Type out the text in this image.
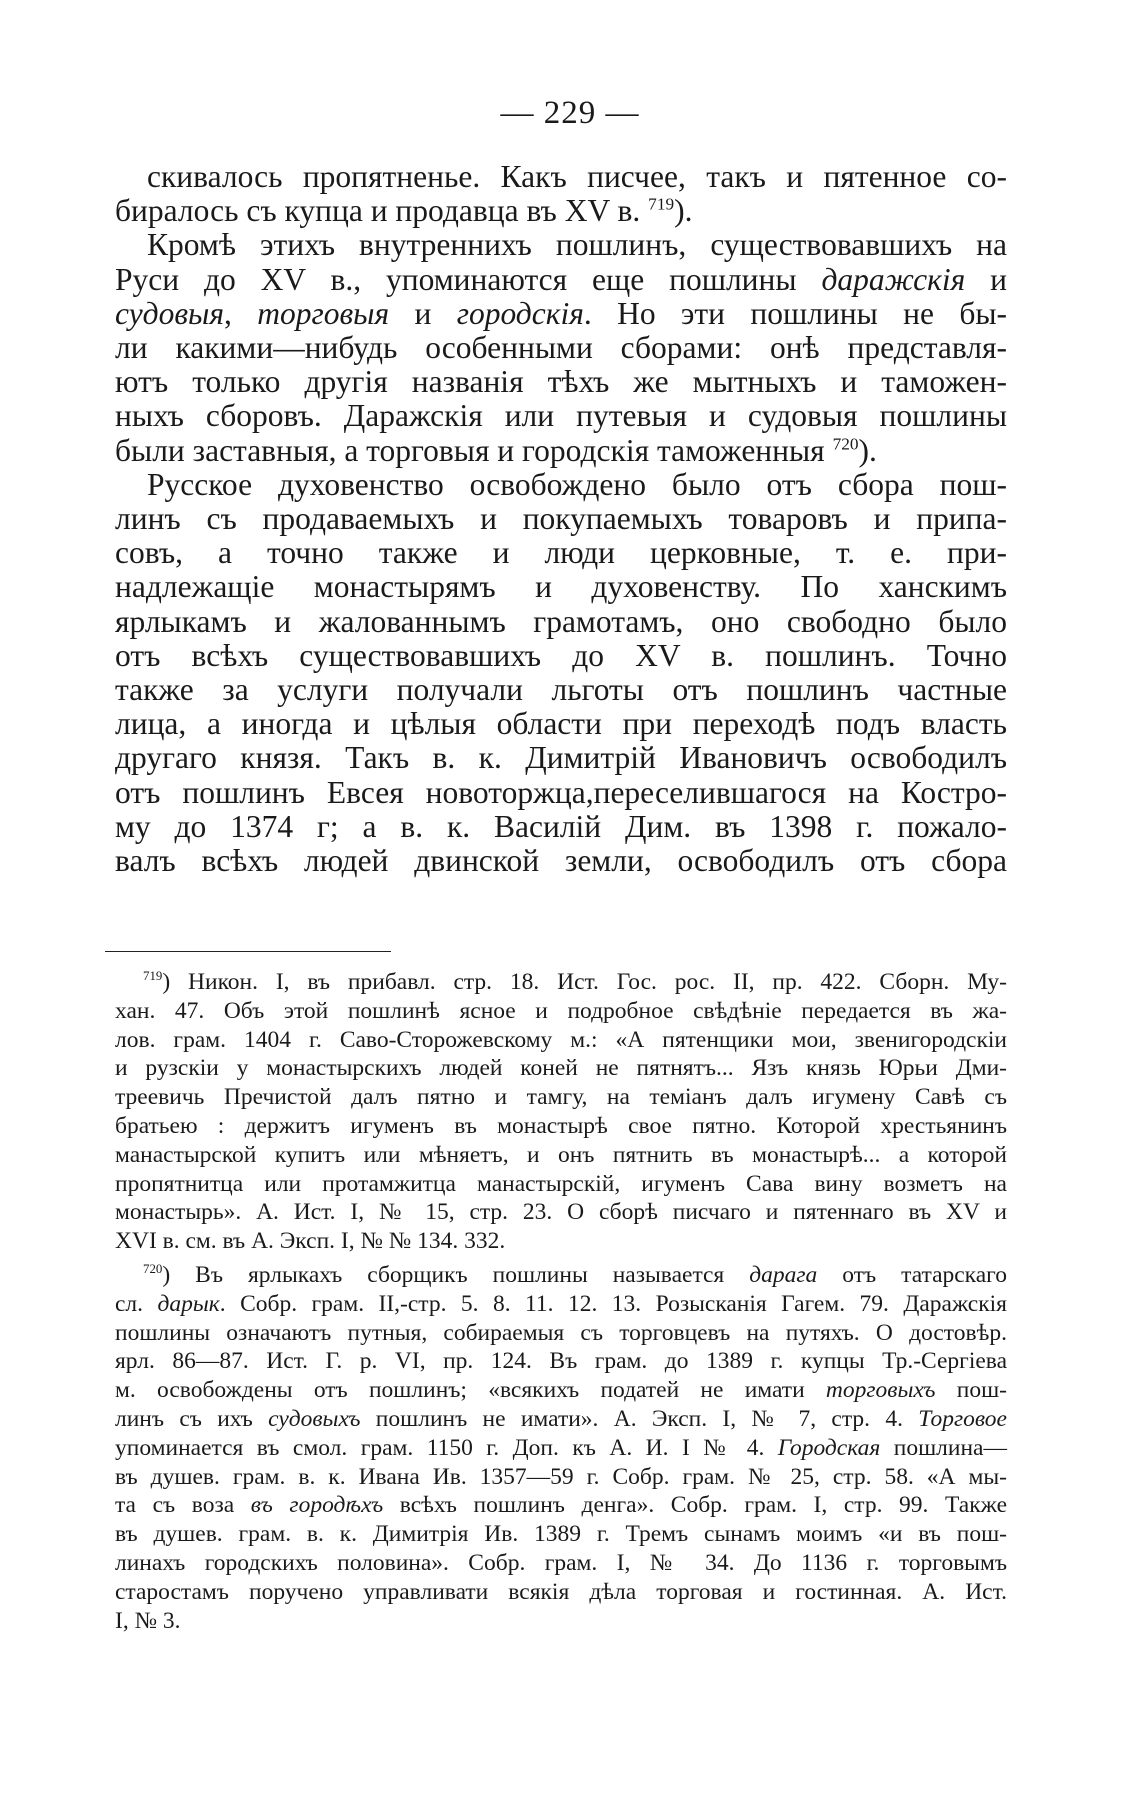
— 229 —

скивалось пропятненье. Какъ писчее, такъ и пятенное со-

биралось съ купца и продавца въ XV в. $^{719}$).

Кромѣ этихъ внутреннихъ пошлинъ, существовавшихъ на

Руси до XV в., упоминаются еще пошлины даражскія и

судовыя, торговыя и городскія. Но эти пошлины не бы-

ли какими—нибудь особенными сборами: онѣ представля-

ютъ только другія названія тѣхъ же мытныхъ и таможен-

ныхъ сборовъ. Даражскія или путевыя и судовыя пошлины

были заставныя, а торговыя и городскія таможенныя $^{720}$).

Русское духовенство освобождено было отъ сбора пош-

линъ съ продаваемыхъ и покупаемыхъ товаровъ и припа-

совъ, а точно также и люди церковные, т. е. при-

надлежащіе монастырямъ и духовенству. По ханскимъ

ярлыкамъ и жалованнымъ грамотамъ, оно свободно было

отъ всѣхъ существовавшихъ до XV в. пошлинъ. Точно

также за услуги получали льготы отъ пошлинъ частные

лица, а иногда и цѣлыя области при переходѣ подъ власть

другаго князя. Такъ в. к. Димитрій Ивановичъ освободилъ

отъ пошлинъ Евсея новоторжца,переселившагося на Костро-

му до 1374 г; а в. к. Василій Дим. въ 1398 г. пожало-

валъ всѣхъ людей двинской земли, освободилъ отъ сбора

$^{719}$) Никон. I, въ прибавл. стр. 18. Ист. Гос. рос. II, пр. 422. Сборн. Му-

хан. 47. Объ этой пошлинѣ ясное и подробное свѣдѣніе передается въ жа-

лов. грам. 1404 г. Саво-Сторожевскому м.: «А пятенщики мои, звенигородскіи

и рузскіи у монастырскихъ людей коней не пятнятъ... Язъ князь Юрьи Дми-

треевичь Пречистой далъ пятно и тамгу, на теміанъ далъ игумену Савѣ съ

братьею : держитъ игуменъ въ монастырѣ свое пятно. Которой хрестьянинъ

манастырской купитъ или мѣняетъ, и онъ пятнить въ монастырѣ... а которой

пропятнитца или протамжитца манастырскій, игуменъ Сава вину возметъ на

монастырь». А. Ист. I, № 15, стр. 23. О сборѣ писчаго и пятеннаго въ XV и

XVI в. см. въ А. Эксп. I, № № 134. 332.

$^{720}$) Въ ярлыкахъ сборщикъ пошлины называется дарага отъ татарскаго

сл. дарык. Собр. грам. II,-стр. 5. 8. 11. 12. 13. Розысканія Гагем. 79. Даражскія

пошлины означаютъ путныя, собираемыя съ торговцевъ на путяхъ. О достовѣр.

ярл. 86—87. Ист. Г. р. VI, пр. 124. Въ грам. до 1389 г. купцы Тр.-Сергіева

м. освобождены отъ пошлинъ; «всякихъ податей не имати торговыхъ пош-

линъ съ ихъ судовыхъ пошлинъ не имати». А. Эксп. I, № 7, стр. 4. Торговое

упоминается въ смол. грам. 1150 г. Доп. къ А. И. I № 4. Городская пошлина—

въ душев. грам. в. к. Ивана Ив. 1357—59 г. Собр. грам. № 25, стр. 58. «А мы-

та съ воза въ городѣхъ всѣхъ пошлинъ денга». Собр. грам. I, стр. 99. Также

въ душев. грам. в. к. Димитрія Ив. 1389 г. Тремъ сынамъ моимъ «и въ пош-

линахъ городскихъ половина». Собр. грам. I, № 34. До 1136 г. торговымъ

старостамъ поручено управливати всякія дѣла торговая и гостинная. А. Ист.

I, № 3.
